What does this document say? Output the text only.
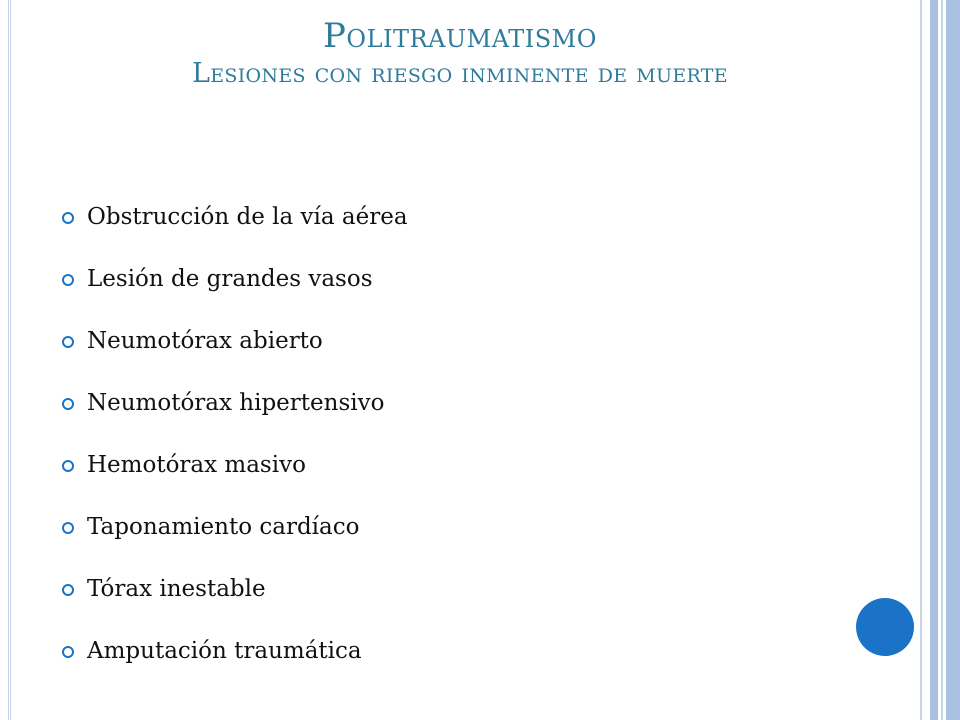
Politraumatismo
Lesiones con riesgo inminente de muerte
Obstrucción de la vía aérea
Lesión de grandes vasos
Neumotórax abierto
Neumotórax hipertensivo
Hemotórax masivo
Taponamiento cardíaco
Tórax inestable
Amputación traumática
